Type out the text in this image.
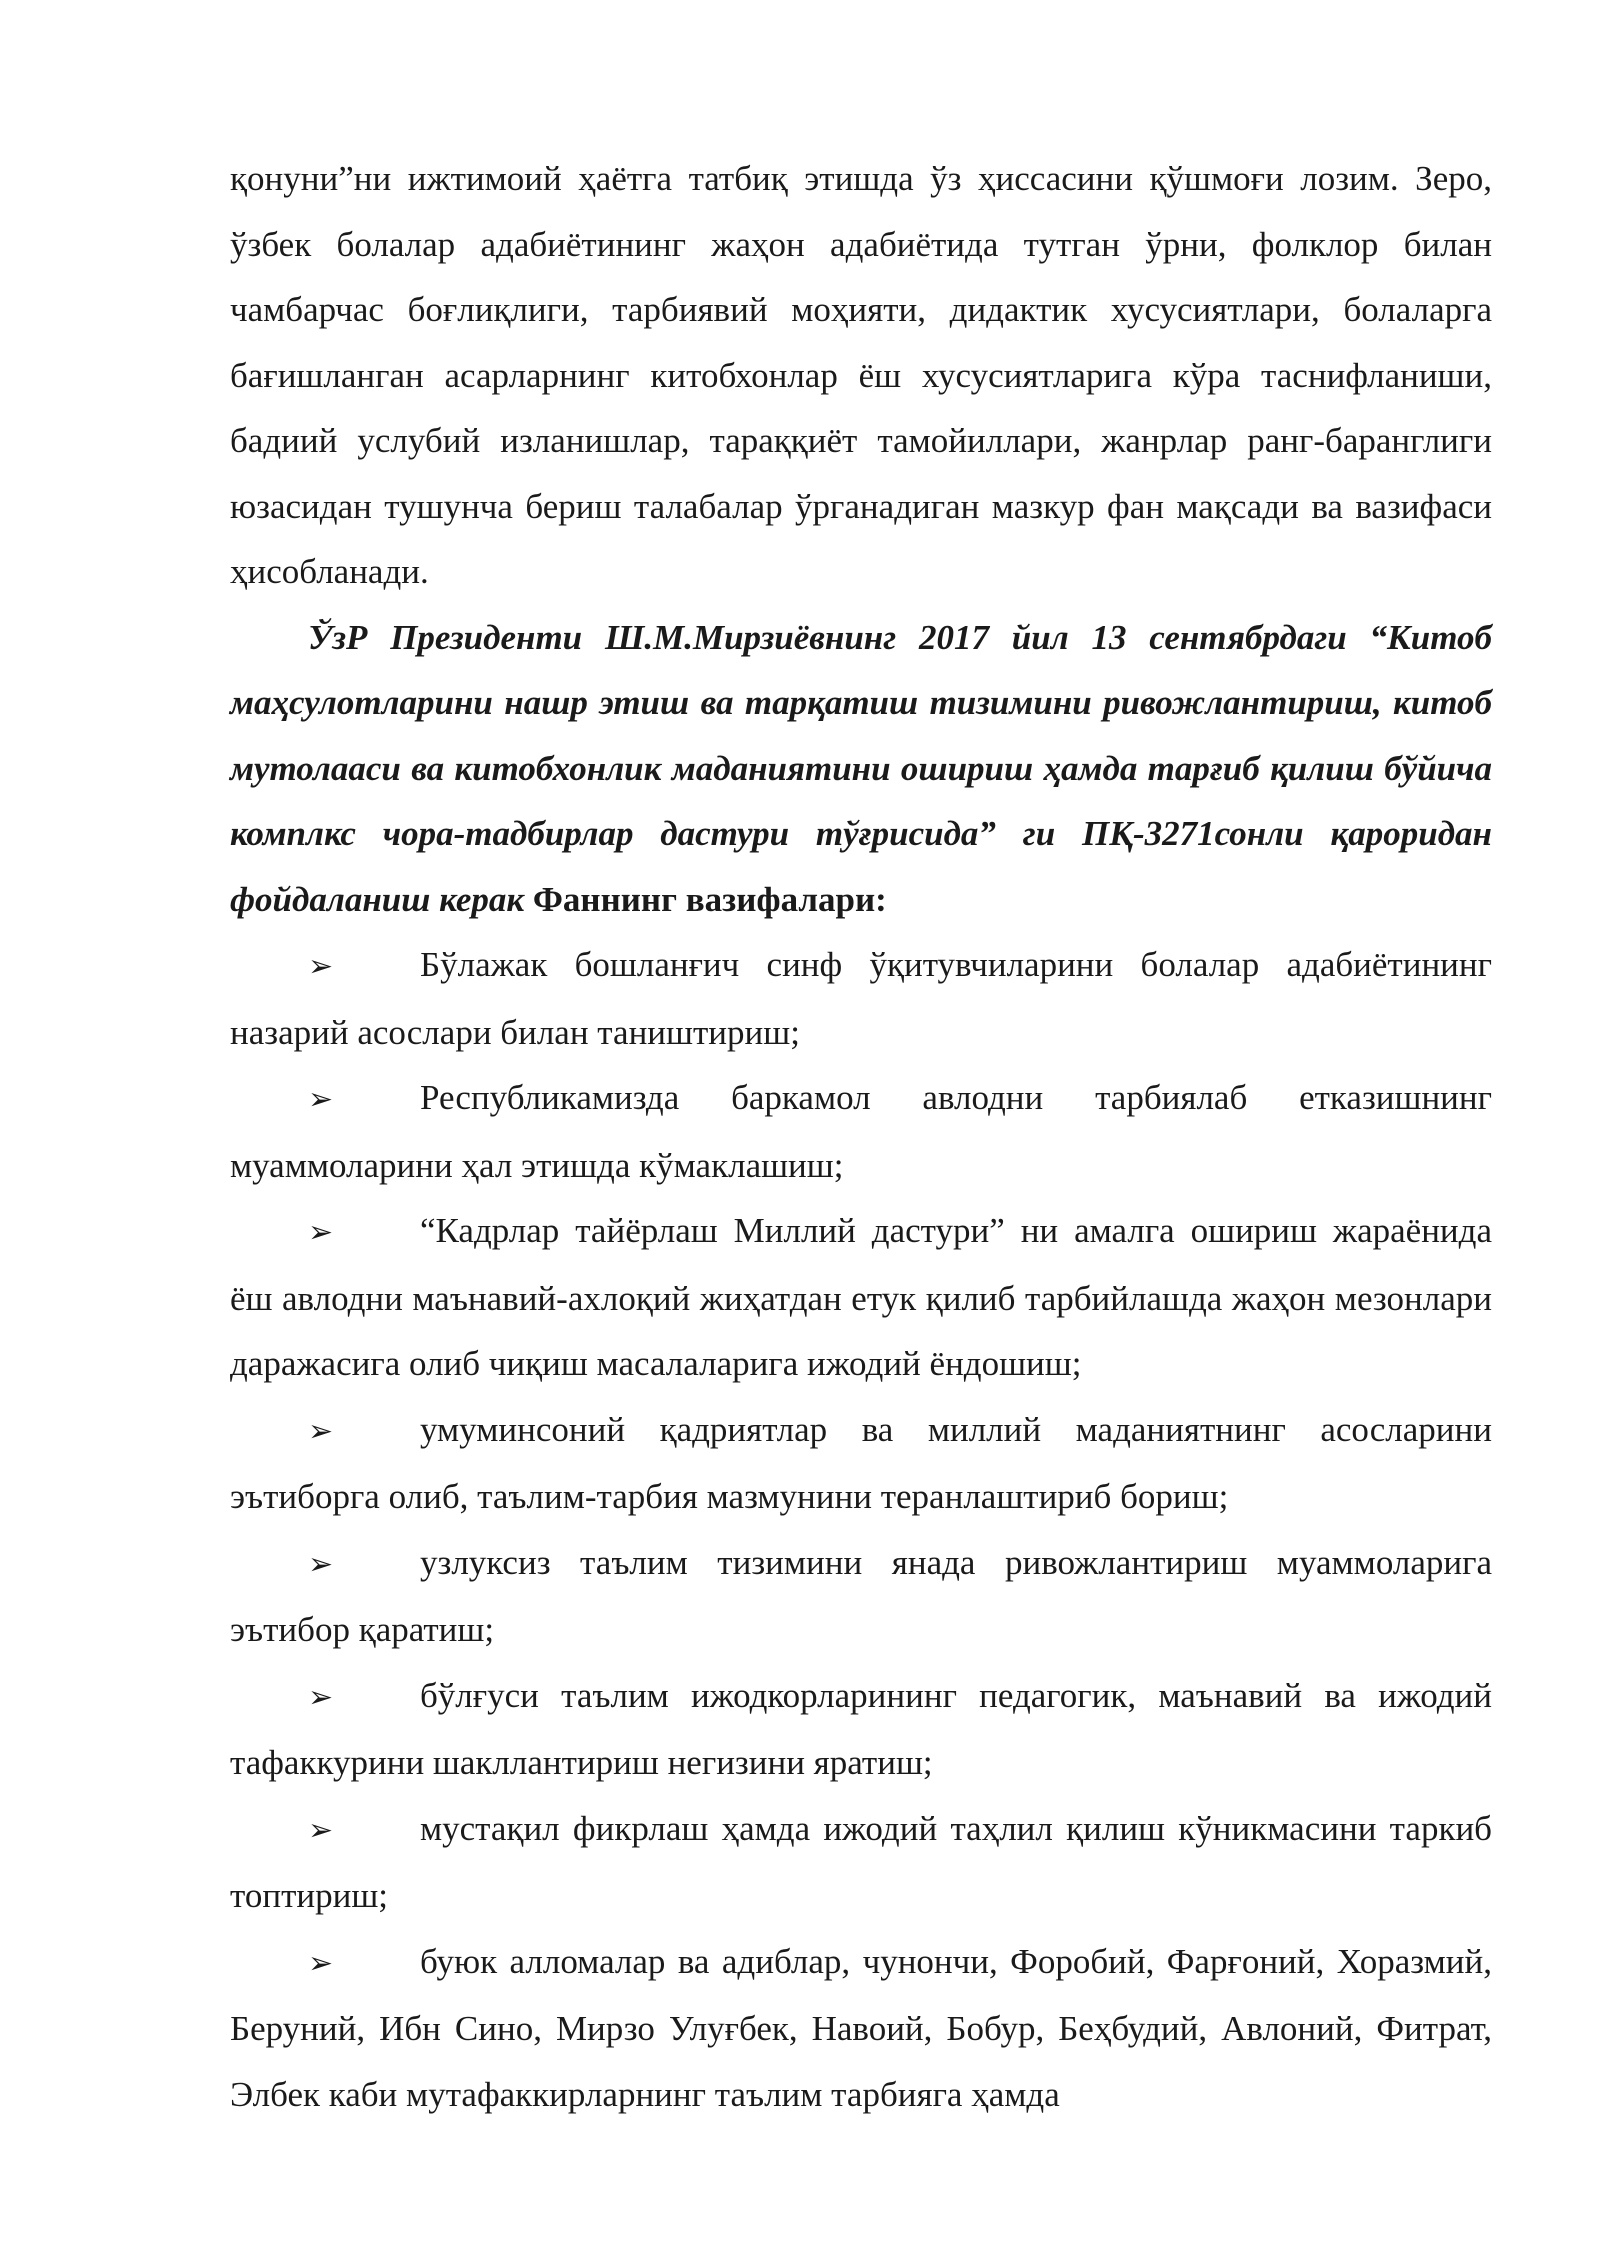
қонуни”ни ижтимоий ҳаётга татбиқ этишда ўз ҳиссасини қўшмоғи лозим. Зеро, ўзбек болалар адабиётининг жаҳон адабиётида тутган ўрни, фолклор билан чамбарчас боғлиқлиги, тарбиявий моҳияти, дидактик хусусиятлари, болаларга бағишланган асарларнинг китобхонлар ёш хусусиятларига кўра таснифланиши, бадиий услубий изланишлар, тараққиёт тамойиллари, жанрлар ранг-баранглиги юзасидан тушунча бериш талабалар ўрганадиган мазкур фан мақсади ва вазифаси ҳисобланади.

ЎзР Президенти Ш.М.Мирзиёвнинг 2017 йил 13 сентябрдаги “Китоб маҳсулотларини нашр этиш ва тарқатиш тизимини ривожлантириш, китоб мутолааси ва китобхонлик маданиятини ошириш ҳамда тарғиб қилиш бўйича комплкс чора-тадбирлар дастури тўғрисида” ги ПҚ-3271сонли қароридан фойдаланиш керак Фаннинг вазифалари:

➢ Бўлажак бошланғич синф ўқитувчиларини болалар адабиётининг назарий асослари билан таништириш;

➢ Республикамизда баркамол авлодни тарбиялаб етказишнинг муаммоларини ҳал этишда кўмаклашиш;

➢ “Кадрлар тайёрлаш Миллий дастури” ни амалга ошириш жараёнида ёш авлодни маънавий-ахлоқий жиҳатдан етук қилиб тарбийлашда жаҳон мезонлари даражасига олиб чиқиш масалаларига ижодий ёндошиш;

➢ умуминсоний қадриятлар ва миллий маданиятнинг асосларини эътиборга олиб, таълим-тарбия мазмунини теранлаштириб бориш;

➢ узлуксиз таълим тизимини янада ривожлантириш муаммоларига эътибор қаратиш;

➢ бўлғуси таълим ижодкорларининг педагогик, маънавий ва ижодий тафаккурини шакллантириш негизини яратиш;

➢ мустақил фикрлаш ҳамда ижодий таҳлил қилиш кўникмасини таркиб топтириш;

➢ буюк алломалар ва адиблар, чунончи, Форобий, Фарғоний, Хоразмий, Беруний, Ибн Сино, Мирзо Улуғбек, Навоий, Бобур, Беҳбудий, Авлоний, Фитрат, Элбек каби мутафаккирларнинг таълим тарбияга ҳамда
